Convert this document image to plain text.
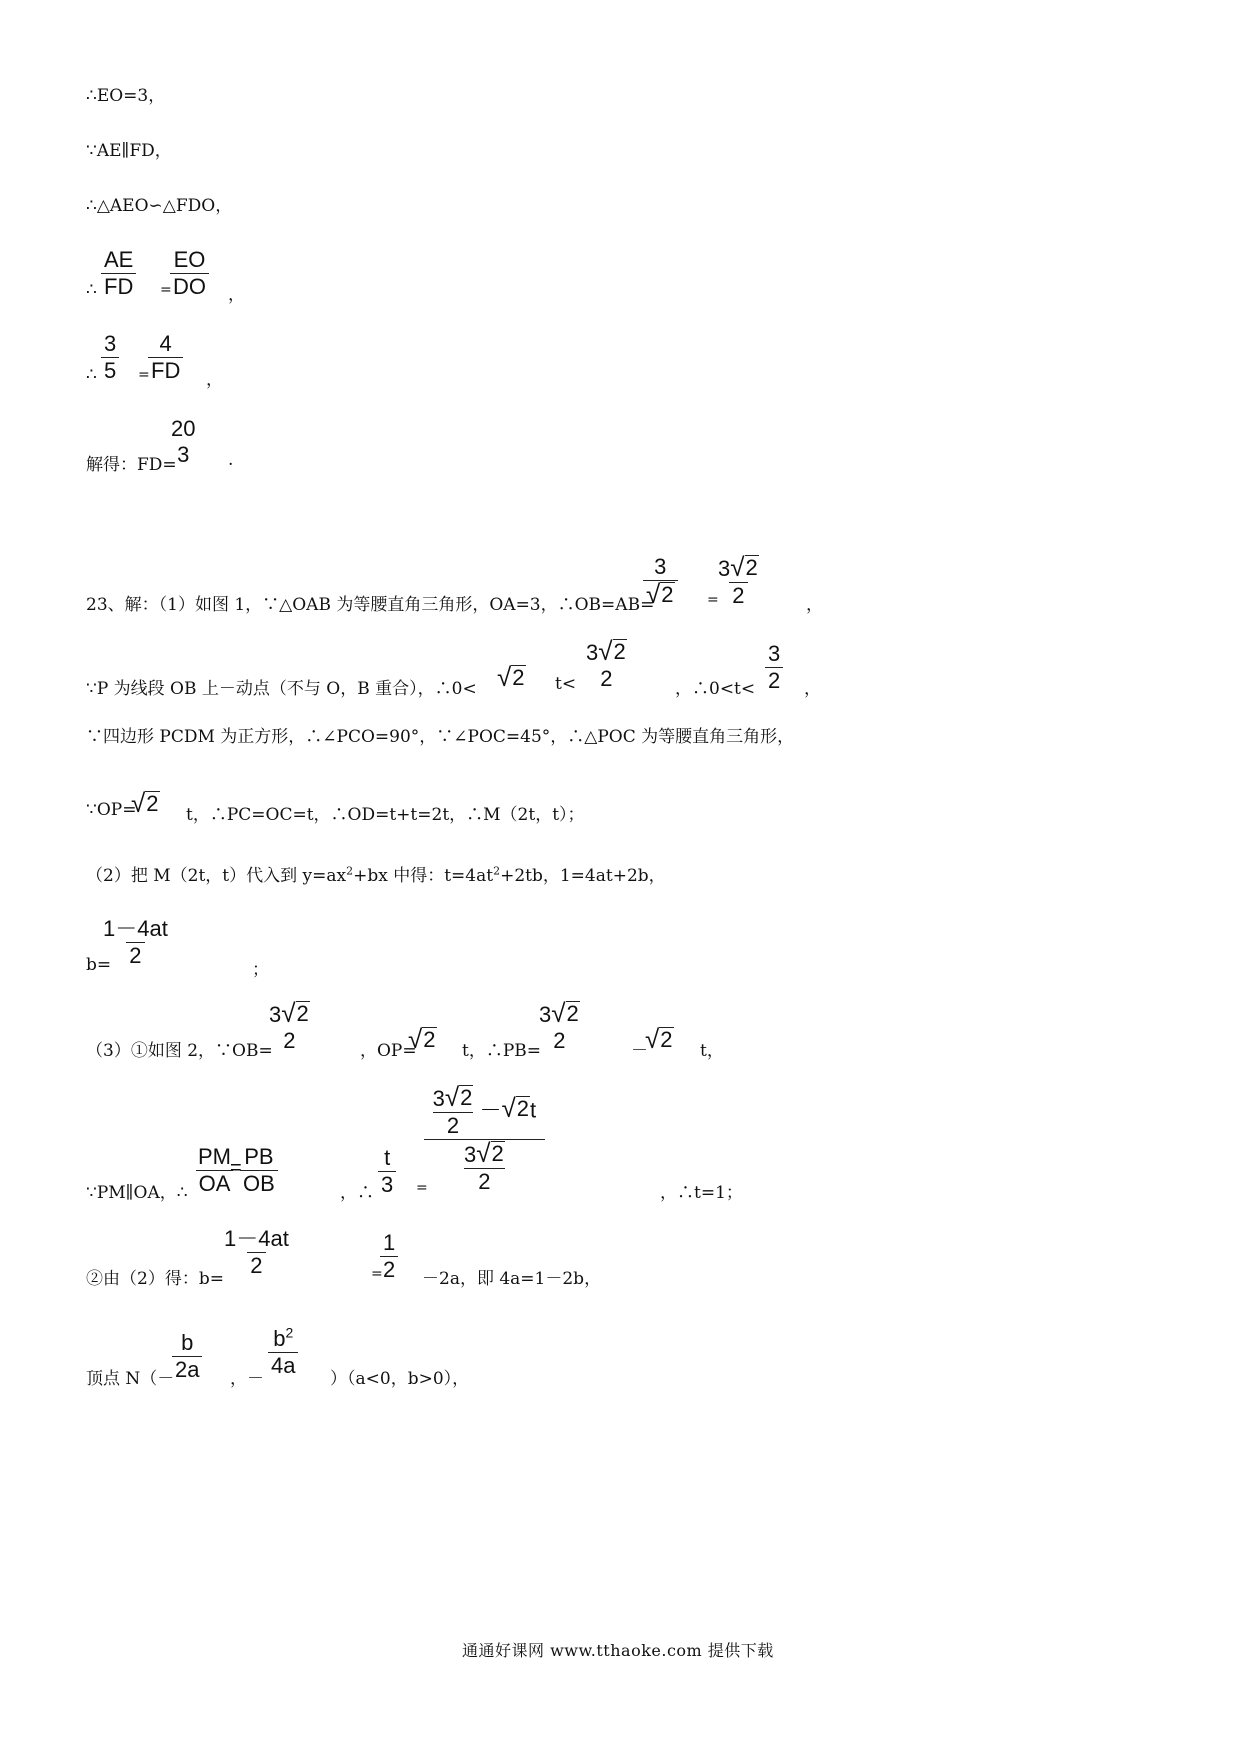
∴EO=3，
∵AE∥FD，
∴△AEO∽△FDO，
∴ $\frac{AE}{FD}$ =
$\frac{EO}{DO}$ ，
∴ $\frac{3}{5}$ =
$\frac{4}{FD}$ ，
解得：FD=
20
3 .
23、解：（1）如图 1，∵△OAB 为等腰直角三角形，OA=3，∴OB=AB=
$\frac{3}{√ 2}$ =
$\frac{3 √ 2}{2}$	，
∵P 为线段 OB 上－动点（不与 O，B 重合），∴0< √ 2 t<
3 √ 2
2	，∴0<t< $\frac{3}{2}$ ，
∵四边形 PCDM 为正方形，∴∠PCO=90°，∵∠POC=45°，∴△POC 为等腰直角三角形，
∵OP=
√ 2 t，∴PC=OC=t，∴OD=t+t=2t，∴M（2t，t）；
（2）把 M（2t，t）代入到 $y=ax^2+bx$ 中得：$t=4at^2+2tb$，1=4at+2b，
b=
$\frac{1-4at}{2}$
；
（3）①如图 2，∵OB=
3 √ 2
2	，OP=
√ 2 t，∴PB=
3 √ 2
2	－
√ 2 t，
∵PM∥OA，∴ $\frac{PM}{OA}$
=
$\frac{PB}{OB}$	，∴ $\frac{t}{3}$ =
$\frac{\frac{3 √ 2}{2} - √ 2 t}{\frac{3 √ 2}{2}}$	，∴t=1；
②由（2）得：b=
$\frac{1-4at}{2}$	=
$\frac{1}{2} -2a$，即 4a=1－2b，
顶点 N（－
$\frac{b}{2a}$ ，－ $\frac{b^2}{4a} )(a<0$，b>0），
通通好课网 www.tthaoke.com 提供下载
